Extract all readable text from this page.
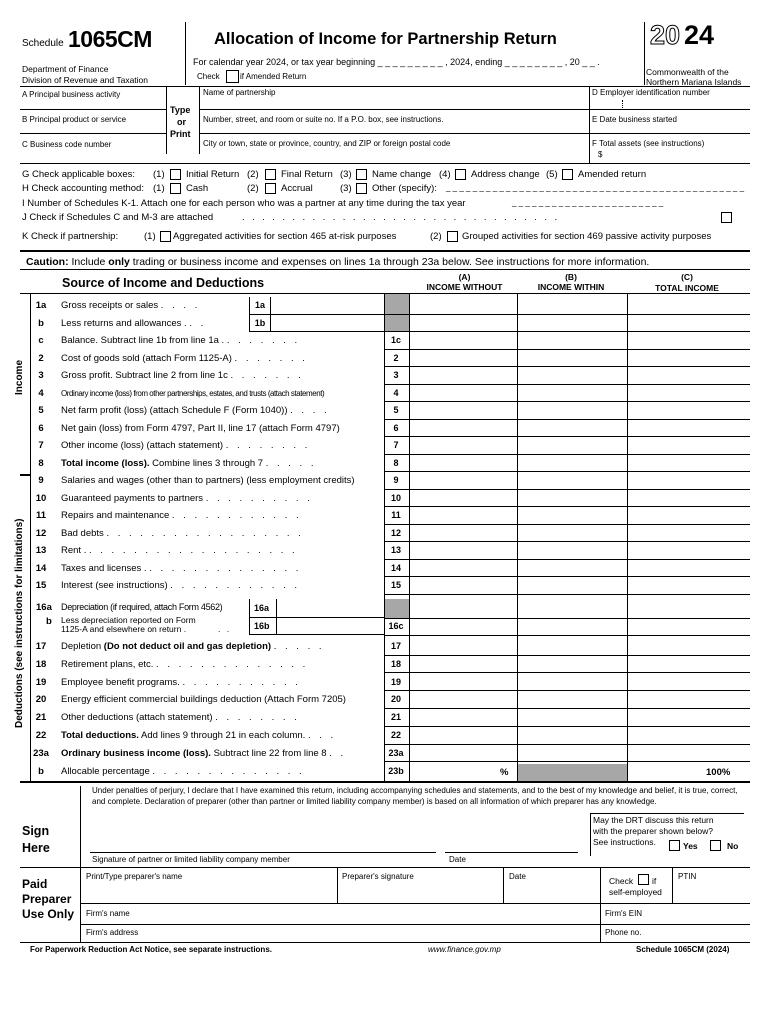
Schedule 1065CM
Department of Finance
Division of Revenue and Taxation
Allocation of Income for Partnership Return
For calendar year 2024, or tax year beginning _ _ _ _ _ _ _ _ _ , 2024, ending _ _ _ _ _ _ _ _ , 20 _ _ .
Check	if Amended Return
20 24
Commonwealth of the
Northern Mariana Islands
A Principal business activity
B Principal product or service
C Business code number
Type
or
Print
Name of partnership
Number, street, and room or suite no. If a P.O. box, see instructions.
City or town, state or province, country, and ZIP or foreign postal code
D Employer identification number
E Date business started
F Total assets (see instructions)
$
G Check applicable boxes: (1) Initial Return (2) Final Return (3) Name change (4) Address change (5) Amended return
H Check accounting method: (1) Cash	(2) Accrual	(3) Other (specify): _ _ _ _ _ _ _ _ _ _ _ _ _ _ _ _ _ _ _ _ _ _ _ _ _ _ _ _ _ _ _ _ _ _ _ _ _ _ _ _ _ _ _ _ _
I Number of Schedules K-1. Attach one for each person who was a partner at any time during the tax year	_ _ _ _ _ _ _ _ _ _ _ _ _ _ _ _ _ _ _ _ _ _ _
J Check if Schedules C and M-3 are attached	. . . . . . . . . . . . . . . . . . . . . . . . . . . . . . . .
K Check if partnership:	(1) Aggregated activities for section 465 at-risk purposes	(2) Grouped activities for section 469 passive activity purposes
Caution: Include only trading or business income and expenses on lines 1a through 23a below. See instructions for more information.
Source of Income and Deductions	(A)
INCOME WITHOUT
(B)
INCOME WITHIN
(C)
TOTAL INCOME
Income
Deductions (see instructions for limitations)
1a	Gross receipts or sales . . . .	1a
b	Less returns and allowances . . .	1b
c	Balance. Subtract line 1b from line 1a . . . . . . . .	1c
2	Cost of goods sold (attach Form 1125-A) . . . . . . .	2
3	Gross profit. Subtract line 2 from line 1c . . . . . . .	3
4	Ordinary income (loss) from other partnerships, estates, and trusts (attach statement)	4
5	Net farm profit (loss) (attach Schedule F (Form 1040)) . . . .	5
6	Net gain (loss) from Form 4797, Part II, line 17 (attach Form 4797)	6
7	Other income (loss) (attach statement) . . . . . . . .	7
8	Total income (loss). Combine lines 3 through 7 . . . . .	8
9	Salaries and wages (other than to partners) (less employment credits)	9
10	Guaranteed payments to partners . . . . . . . . . .	10
11	Repairs and maintenance . . . . . . . . . . . .	11
12	Bad debts . . . . . . . . . . . . . . . . . .	12
13	Rent . . . . . . . . . . . . . . . . . . . .	13
14	Taxes and licenses . . . . . . . . . . . . . . .	14
15	Interest (see instructions) . . . . . . . . . . . .	15
16a Depreciation (if required, attach Form 4562)	16a
b Less depreciation reported on Form
1125-A and elsewhere on return .	. .	16b	16c
17	Depletion (Do not deduct oil and gas depletion) . . . . .	17
18	Retirement plans, etc. . . . . . . . . . . . . . .	18
19	Employee benefit programs. . . . . . . . . . . .	19
20	Energy efficient commercial buildings deduction (Attach Form 7205)	20
21	Other deductions (attach statement) . . . . . . . .	21
22	Total deductions. Add lines 9 through 21 in each column. . . .	22
23a	Ordinary business income (loss). Subtract line 22 from line 8 . .	23a
b	Allocable percentage . . . . . . . . . . . . . .	23b	%	100%
Under penalties of perjury, I declare that I have examined this return, including accompanying schedules and statements, and to the best of my knowledge and belief, it is true, correct, and complete. Declaration of preparer (other than partner or limited liability company member) is based on all information of which preparer has any knowledge.
Sign
Here
Signature of partner or limited liability company member	Date
May the DRT discuss this return
with the preparer shown below?
See instructions.	Yes	No
Paid
Preparer
Use Only
Print/Type preparer's name	Preparer's signature	Date	Check if
self-employed
PTIN
Firm's name	Firm's EIN
Firm's address	Phone no.
For Paperwork Reduction Act Notice, see separate instructions.	www.finance.gov.mp	Schedule 1065CM (2024)
